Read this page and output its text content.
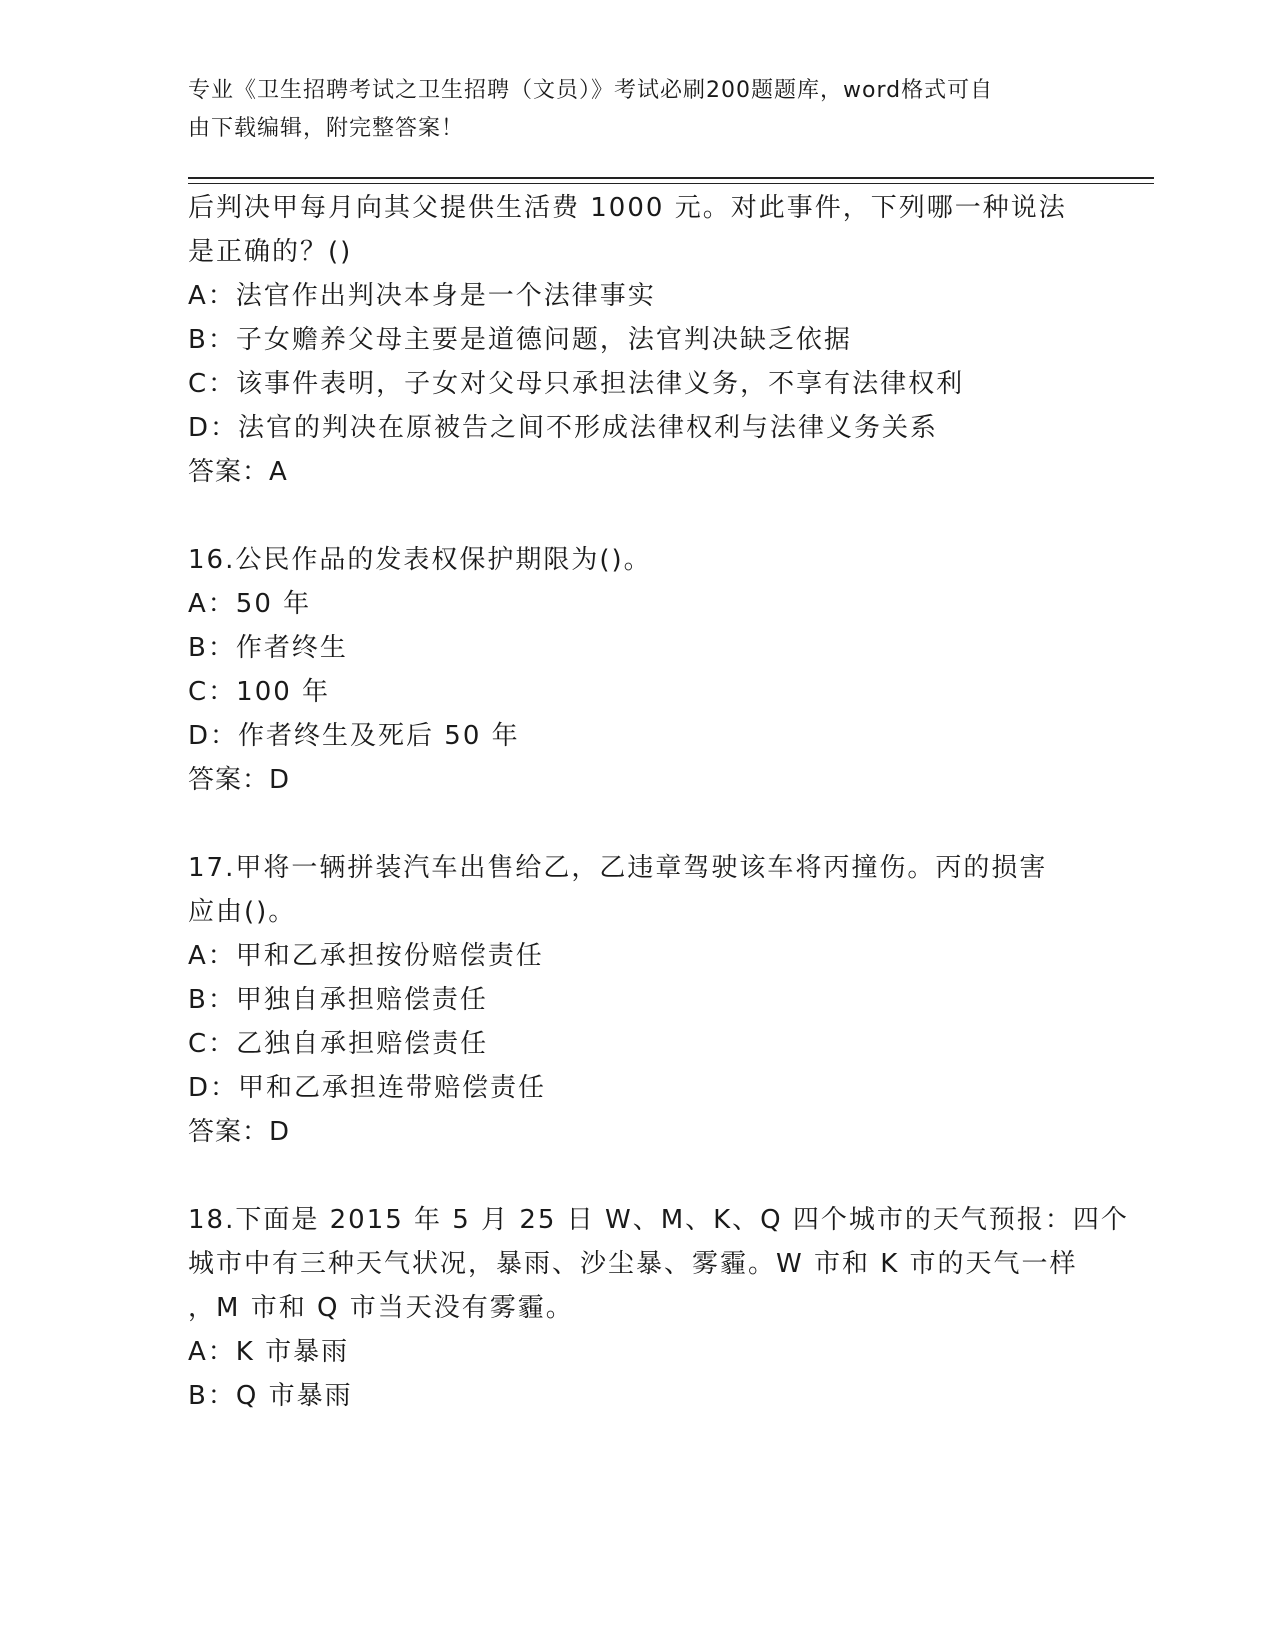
专业《卫生招聘考试之卫生招聘（文员）》考试必刷200题题库，word格式可自
由下载编辑，附完整答案！
后判决甲每月向其父提供生活费 1000 元。对此事件，下列哪一种说法
是正确的？()
A：法官作出判决本身是一个法律事实
B：子女赡养父母主要是道德问题，法官判决缺乏依据
C：该事件表明，子女对父母只承担法律义务，不享有法律权利
D：法官的判决在原被告之间不形成法律权利与法律义务关系
答案：A
16.公民作品的发表权保护期限为()。
A：50 年
B：作者终生
C：100 年
D：作者终生及死后 50 年
答案：D
17.甲将一辆拼装汽车出售给乙，乙违章驾驶该车将丙撞伤。丙的损害
应由()。
A：甲和乙承担按份赔偿责任
B：甲独自承担赔偿责任
C：乙独自承担赔偿责任
D：甲和乙承担连带赔偿责任
答案：D
18.下面是 2015 年 5 月 25 日 W、M、K、Q 四个城市的天气预报：四个
城市中有三种天气状况，暴雨、沙尘暴、雾霾。W 市和 K 市的天气一样
，M 市和 Q 市当天没有雾霾。
A：K 市暴雨
B：Q 市暴雨
